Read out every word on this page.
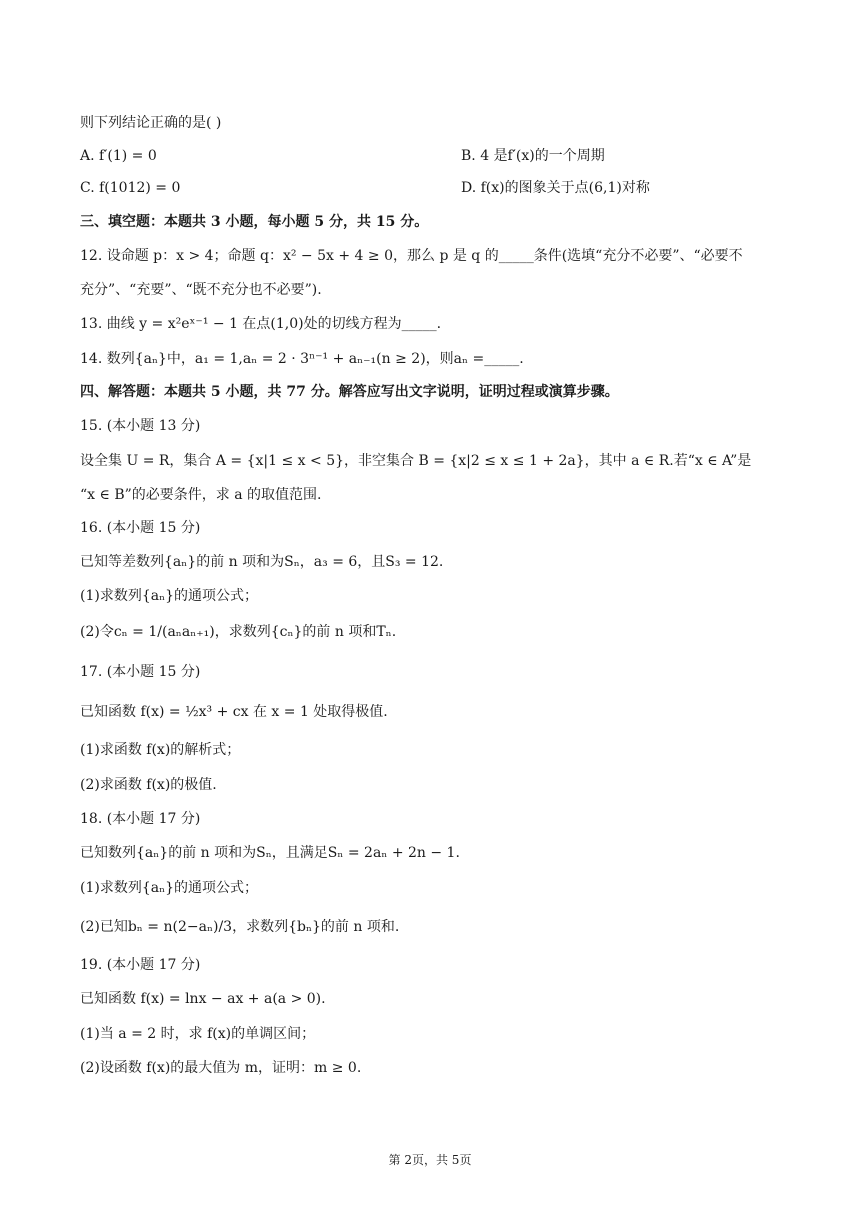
则下列结论正确的是( )
A. f′(1) = 0	B. 4 是f′(x)的一个周期
C. f(1012) = 0	D. f(x)的图象关于点(6,1)对称
三、填空题：本题共 3 小题，每小题 5 分，共 15 分。
12. 设命题 p：x > 4；命题 q：x² − 5x + 4 ≥ 0，那么 p 是 q 的_____条件(选填“充分不必要”、“必要不
充分”、“充要”、“既不充分也不必要”).
13. 曲线 y = x²eˣ⁻¹ − 1 在点(1,0)处的切线方程为_____.
14. 数列{aₙ}中，a₁ = 1,aₙ = 2 · 3ⁿ⁻¹ + aₙ₋₁(n ≥ 2)，则aₙ =_____.
四、解答题：本题共 5 小题，共 77 分。解答应写出文字说明，证明过程或演算步骤。
15. (本小题 13 分)
设全集 U = R，集合 A = {x|1 ≤ x < 5}，非空集合 B = {x|2 ≤ x ≤ 1 + 2a}，其中 a ∈ R.若“x ∈ A”是
“x ∈ B”的必要条件，求 a 的取值范围.
16. (本小题 15 分)
已知等差数列{aₙ}的前 n 项和为Sₙ，a₃ = 6，且S₃ = 12.
(1)求数列{aₙ}的通项公式；
(2)令cₙ = 1/(aₙaₙ₊₁)，求数列{cₙ}的前 n 项和Tₙ.
17. (本小题 15 分)
已知函数 f(x) = ½x³ + cx 在 x = 1 处取得极值.
(1)求函数 f(x)的解析式；
(2)求函数 f(x)的极值.
18. (本小题 17 分)
已知数列{aₙ}的前 n 项和为Sₙ，且满足Sₙ = 2aₙ + 2n − 1.
(1)求数列{aₙ}的通项公式；
(2)已知bₙ = n(2−aₙ)/3，求数列{bₙ}的前 n 项和.
19. (本小题 17 分)
已知函数 f(x) = lnx − ax + a(a > 0).
(1)当 a = 2 时，求 f(x)的单调区间；
(2)设函数 f(x)的最大值为 m，证明：m ≥ 0.
第 2页，共 5页
